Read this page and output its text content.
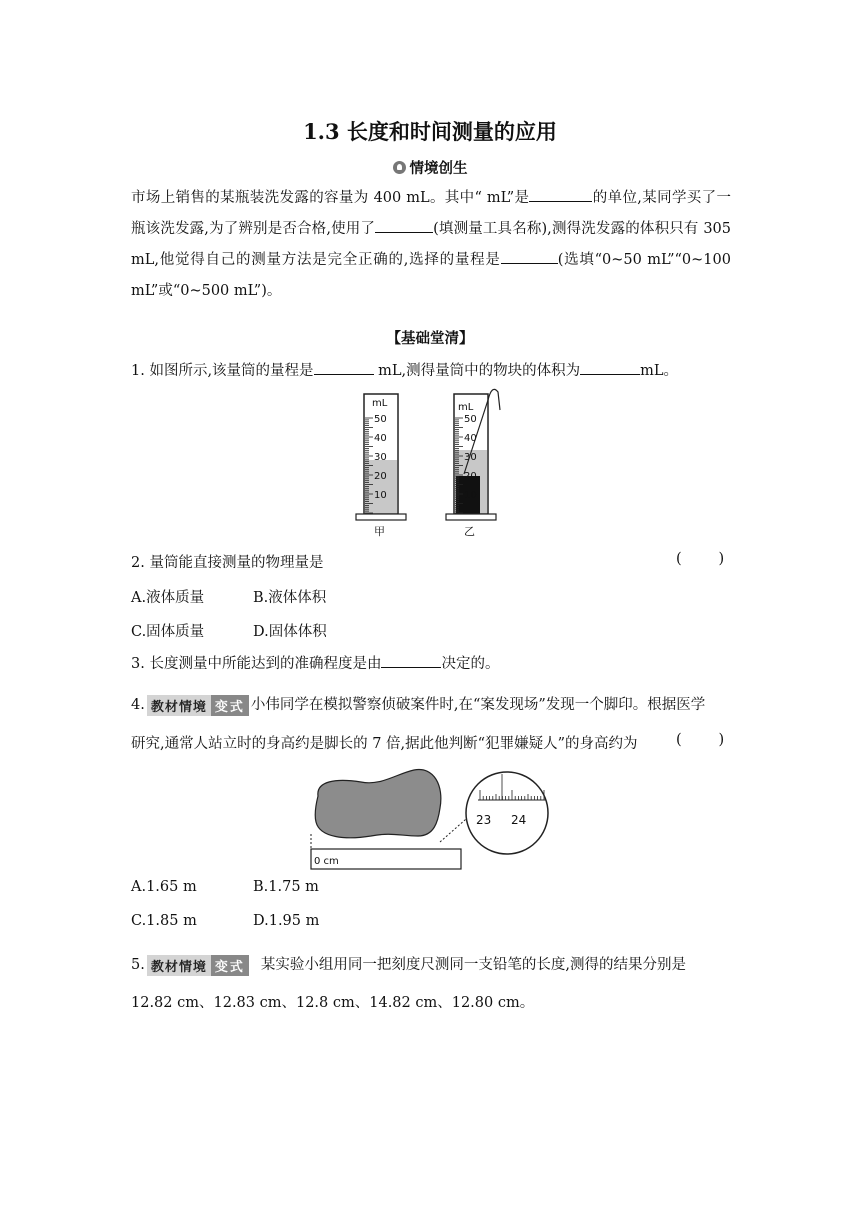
1.3 长度和时间测量的应用
情境创生
市场上销售的某瓶装洗发露的容量为 400 mL。其中“ mL”是	的单位,某同学买了一瓶该洗发露,为了辨别是否合格,使用了	(填测量工具名称),测得洗发露的体积只有 305 mL,他觉得自己的测量方法是完全正确的,选择的量程是	(选填“0~50 mL”“0~100 mL”或“0~500 mL”)。
【基础堂清】
1. 如图所示,该量筒的量程是	mL,测得量筒中的物块的体积为	mL。
mL
50
40
30
20
10
甲
mL
50
40
30
20
10
乙
2. 量筒能直接测量的物理量是	(        )
A.液体质量	B.液体体积
C.固体质量	D.固体体积
3. 长度测量中所能达到的准确程度是由	决定的。
4. 教材情境 变式 小伟同学在模拟警察侦破案件时,在“案发现场”发现一个脚印。根据医学
研究,通常人站立时的身高约是脚长的 7 倍,据此他判断“犯罪嫌疑人”的身高约为	(        )
0 cm
23 24
A.1.65 m	B.1.75 m
C.1.85 m	D.1.95 m
5. 教材情境 变式 某实验小组用同一把刻度尺测同一支铅笔的长度,测得的结果分别是
12.82 cm、12.83 cm、12.8 cm、14.82 cm、12.80 cm。
